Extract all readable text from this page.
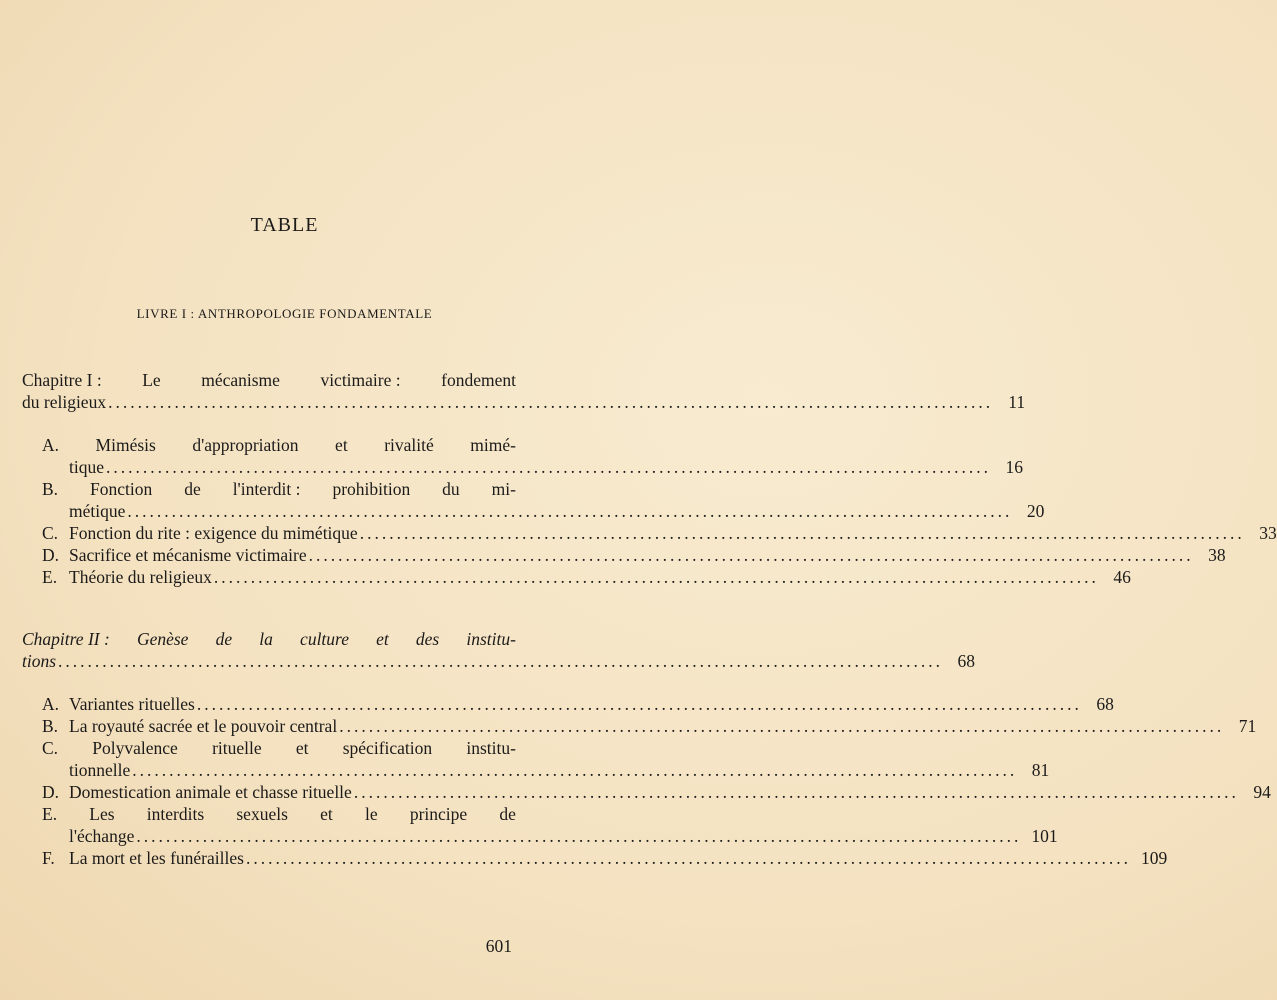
TABLE
LIVRE I : ANTHROPOLOGIE FONDAMENTALE
Chapitre I : Le mécanisme victimaire : fondement
du religieux ........................................................................................................................ 11
A. Mimésis d'appropriation et rivalité mimé-
tique ........................................................................................................................ 16
B. Fonction de l'interdit : prohibition du mi-
métique ........................................................................................................................ 20
C. Fonction du rite : exigence du mimétique ........................................................................................................................ 33
D. Sacrifice et mécanisme victimaire ........................................................................................................................ 38
E. Théorie du religieux ........................................................................................................................ 46
Chapitre II : Genèse de la culture et des institu-
tions ........................................................................................................................ 68
A. Variantes rituelles ........................................................................................................................ 68
B. La royauté sacrée et le pouvoir central ........................................................................................................................ 71
C. Polyvalence rituelle et spécification institu-
tionnelle ........................................................................................................................ 81
D. Domestication animale et chasse rituelle ........................................................................................................................ 94
E. Les interdits sexuels et le principe de
l'échange ........................................................................................................................ 101
F. La mort et les funérailles ........................................................................................................................ 109
601
